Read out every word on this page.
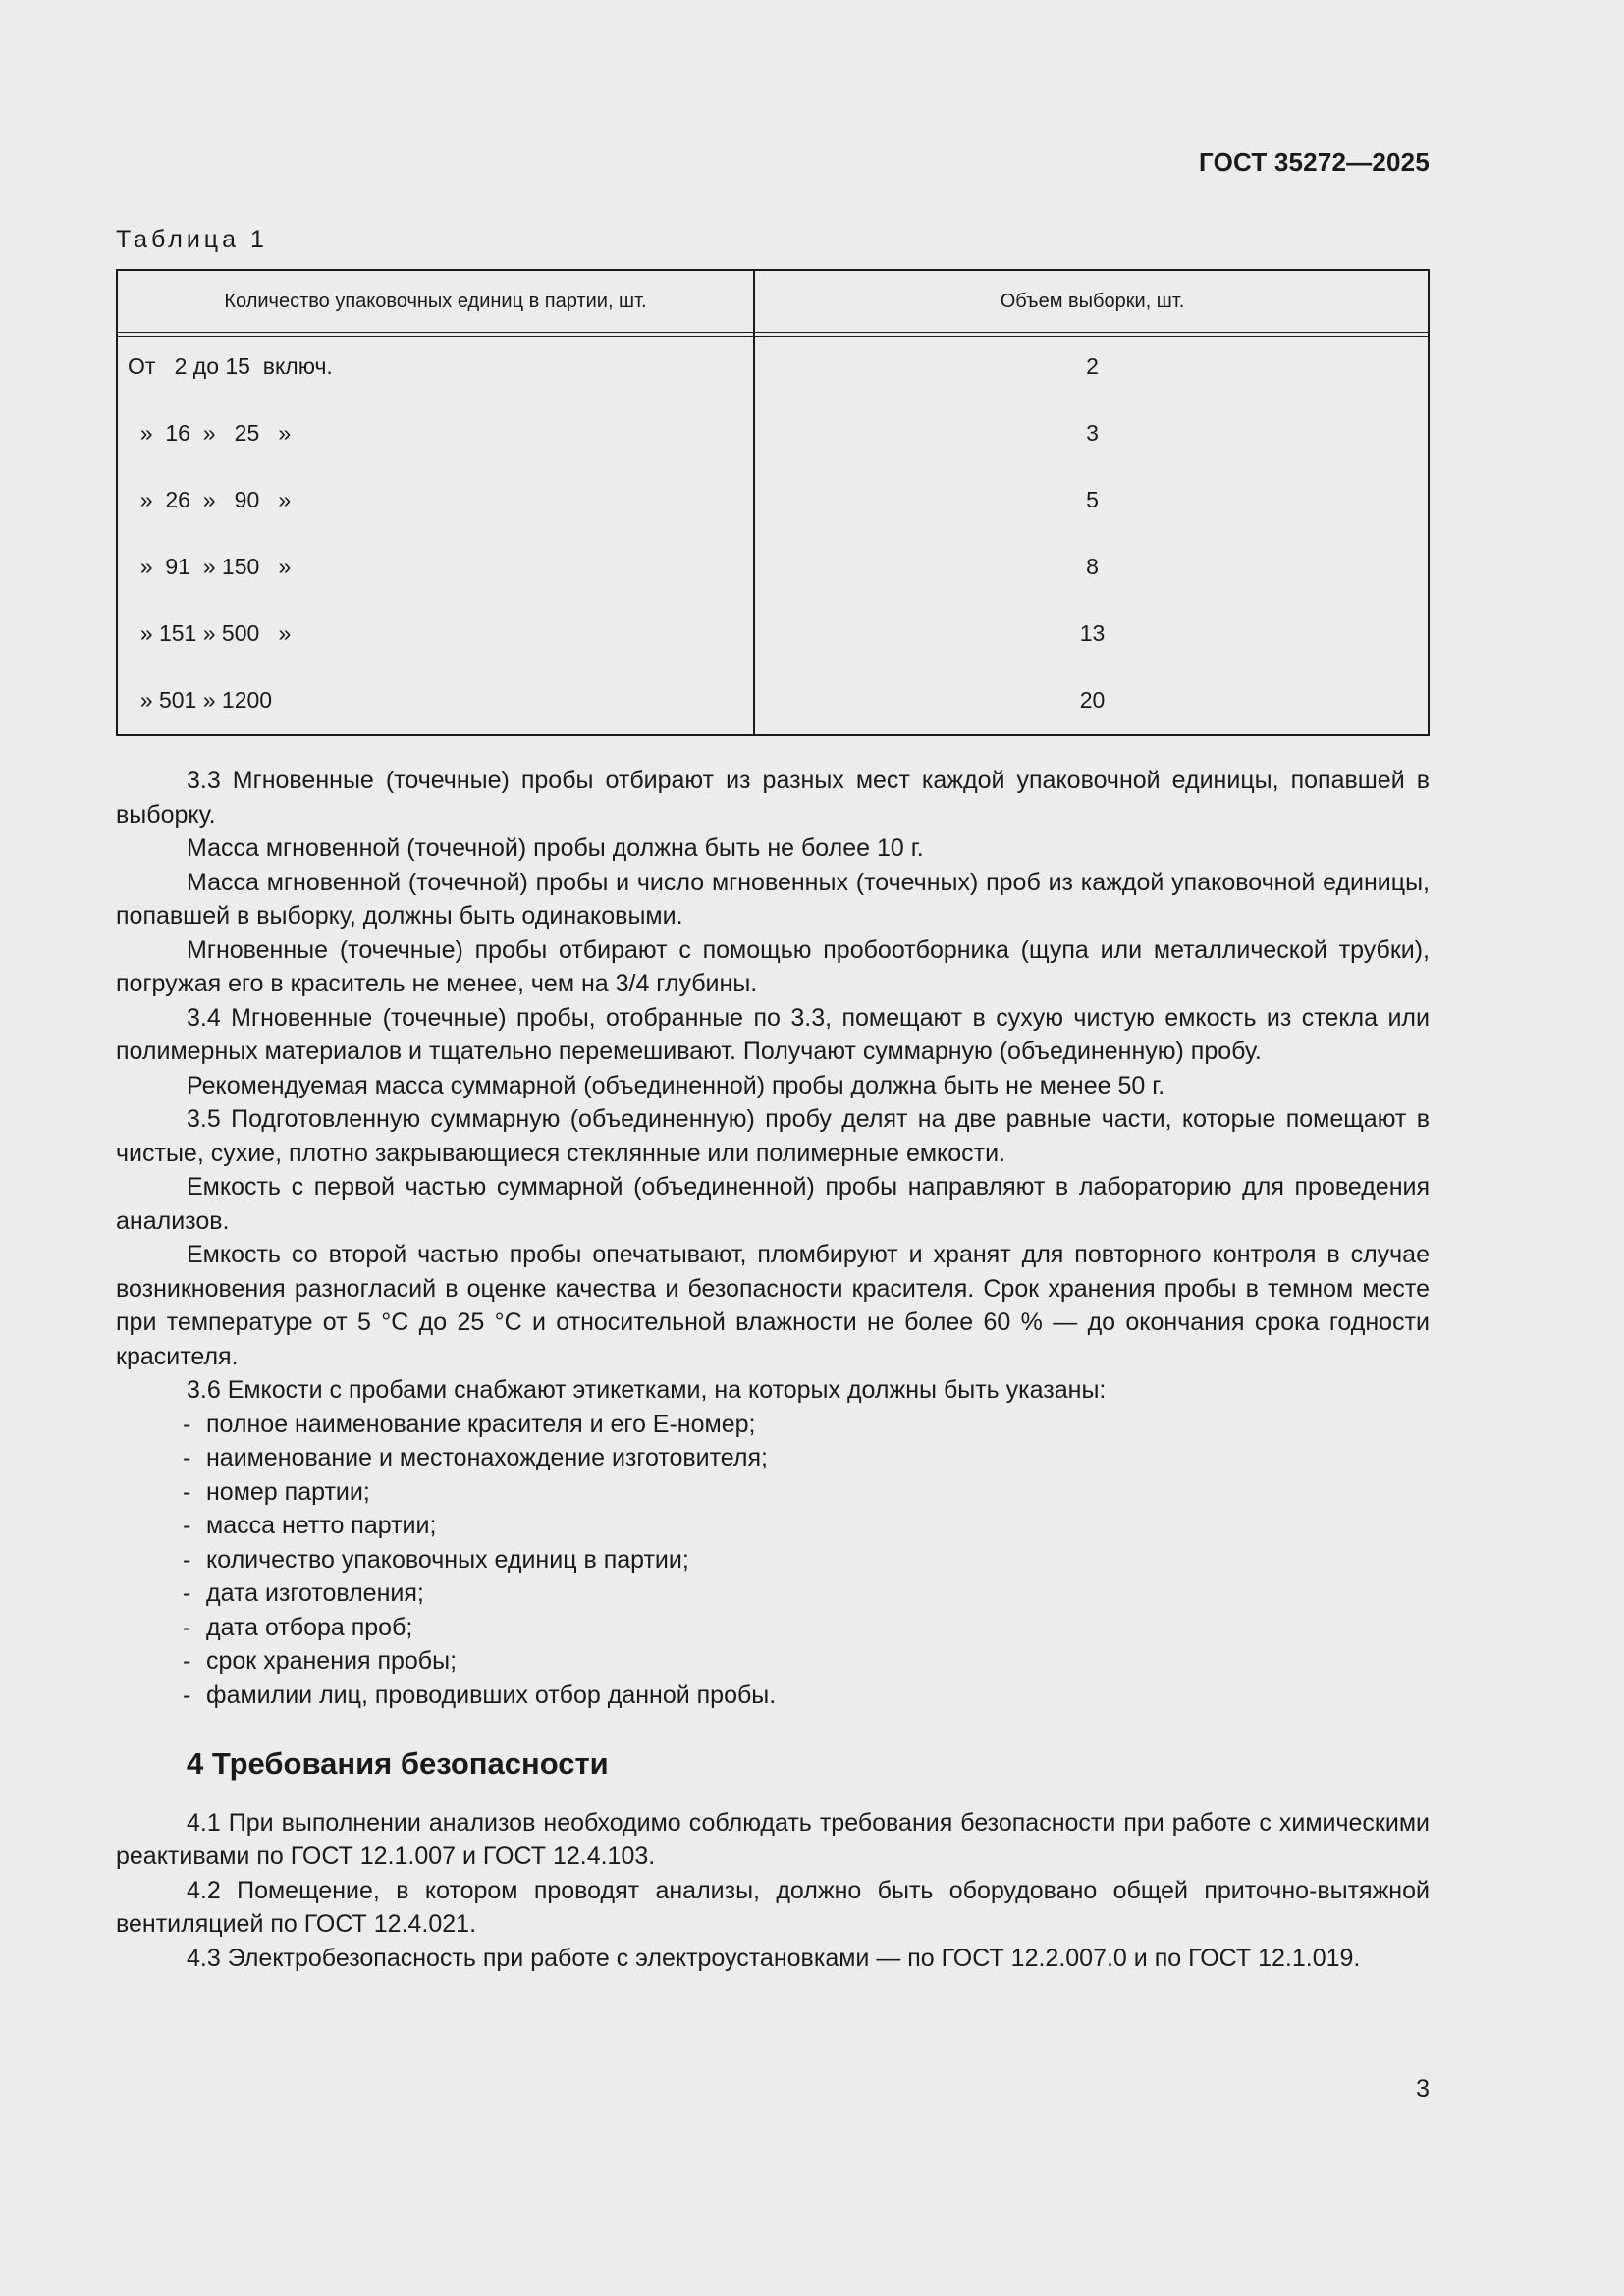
ГОСТ 35272—2025
Таблица 1
Количество упаковочных единиц в партии, шт.	Объем выборки, шт.
От   2 до 15  включ.	2
»  16  »   25   »	3
»  26  »   90   »	5
»  91  » 150   »	8
» 151 » 500   »	13
» 501 » 1200	20

3.3 Мгновенные (точечные) пробы отбирают из разных мест каждой упаковочной единицы, попавшей в выборку.

Масса мгновенной (точечной) пробы должна быть не более 10 г.

Масса мгновенной (точечной) пробы и число мгновенных (точечных) проб из каждой упаковочной единицы, попавшей в выборку, должны быть одинаковыми.

Мгновенные (точечные) пробы отбирают с помощью пробоотборника (щупа или металлической трубки), погружая его в краситель не менее, чем на 3/4 глубины.

3.4 Мгновенные (точечные) пробы, отобранные по 3.3, помещают в сухую чистую емкость из стекла или полимерных материалов и тщательно перемешивают. Получают суммарную (объединенную) пробу.

Рекомендуемая масса суммарной (объединенной) пробы должна быть не менее 50 г.

3.5 Подготовленную суммарную (объединенную) пробу делят на две равные части, которые помещают в чистые, сухие, плотно закрывающиеся стеклянные или полимерные емкости.

Емкость с первой частью суммарной (объединенной) пробы направляют в лабораторию для проведения анализов.

Емкость со второй частью пробы опечатывают, пломбируют и хранят для повторного контроля в случае возникновения разногласий в оценке качества и безопасности красителя. Срок хранения пробы в темном месте при температуре от 5 °С до 25 °С и относительной влажности не более 60 % — до окончания срока годности красителя.

3.6 Емкости с пробами снабжают этикетками, на которых должны быть указаны:

- полное наименование красителя и его Е-номер;

- наименование и местонахождение изготовителя;

- номер партии;

- масса нетто партии;

- количество упаковочных единиц в партии;

- дата изготовления;

- дата отбора проб;

- срок хранения пробы;

- фамилии лиц, проводивших отбор данной пробы.

4 Требования безопасности

4.1 При выполнении анализов необходимо соблюдать требования безопасности при работе с химическими реактивами по ГОСТ 12.1.007 и ГОСТ 12.4.103.

4.2 Помещение, в котором проводят анализы, должно быть оборудовано общей приточно-вытяжной вентиляцией по ГОСТ 12.4.021.

4.3 Электробезопасность при работе с электроустановками — по ГОСТ 12.2.007.0 и по ГОСТ 12.1.019.

3
